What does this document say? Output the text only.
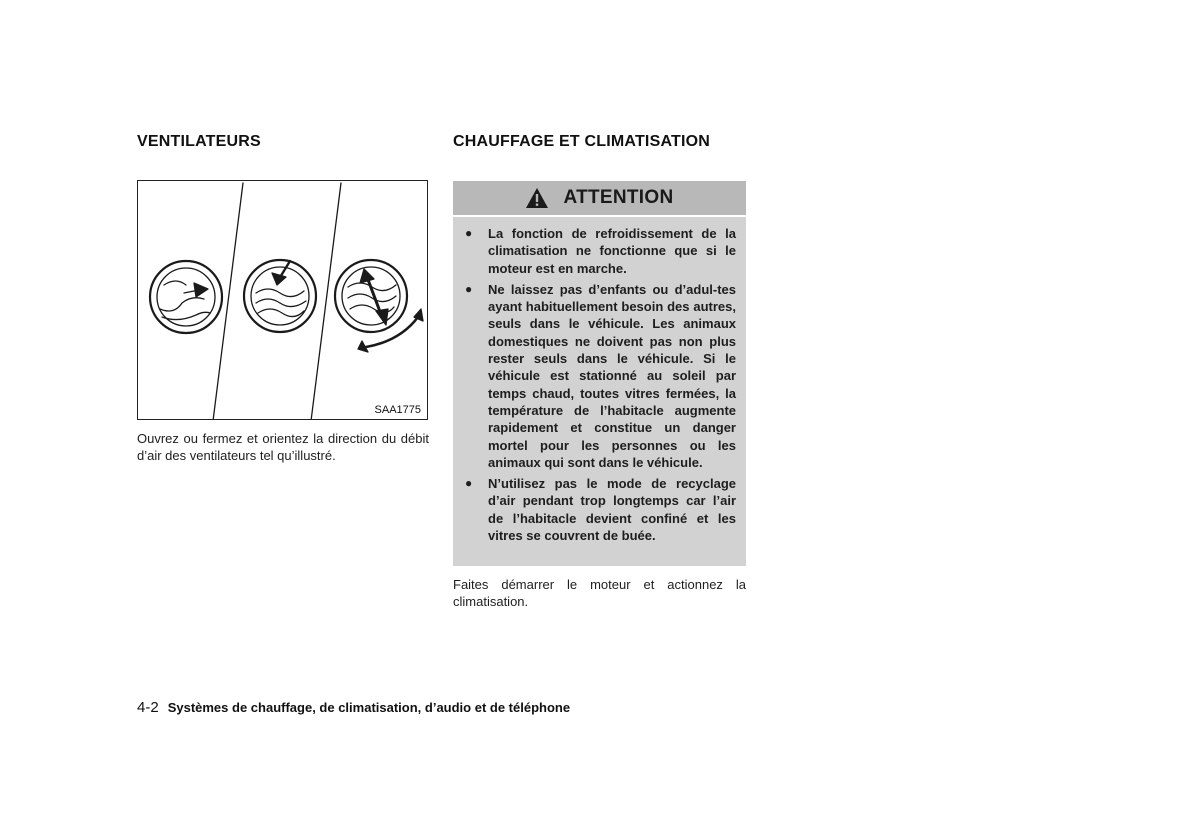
VENTILATEURS	CHAUFFAGE ET CLIMATISATION
SAA1775

Ouvrez ou fermez et orientez la direction du débit d’air des ventilateurs tel qu’illustré.

ATTENTION
● La fonction de refroidissement de la climatisation ne fonctionne que si le moteur est en marche.
● Ne laissez pas d’enfants ou d’adul-tes ayant habituellement besoin des autres, seuls dans le véhicule. Les animaux domestiques ne doivent pas non plus rester seuls dans le véhicule. Si le véhicule est stationné au soleil par temps chaud, toutes vitres fermées, la température de l’habitacle augmente rapidement et constitue un danger mortel pour les personnes ou les animaux qui sont dans le véhicule.
● N’utilisez pas le mode de recyclage d’air pendant trop longtemps car l’air de l’habitacle devient confiné et les vitres se couvrent de buée.

Faites démarrer le moteur et actionnez la climatisation.

4-2 Systèmes de chauffage, de climatisation, d’audio et de téléphone
